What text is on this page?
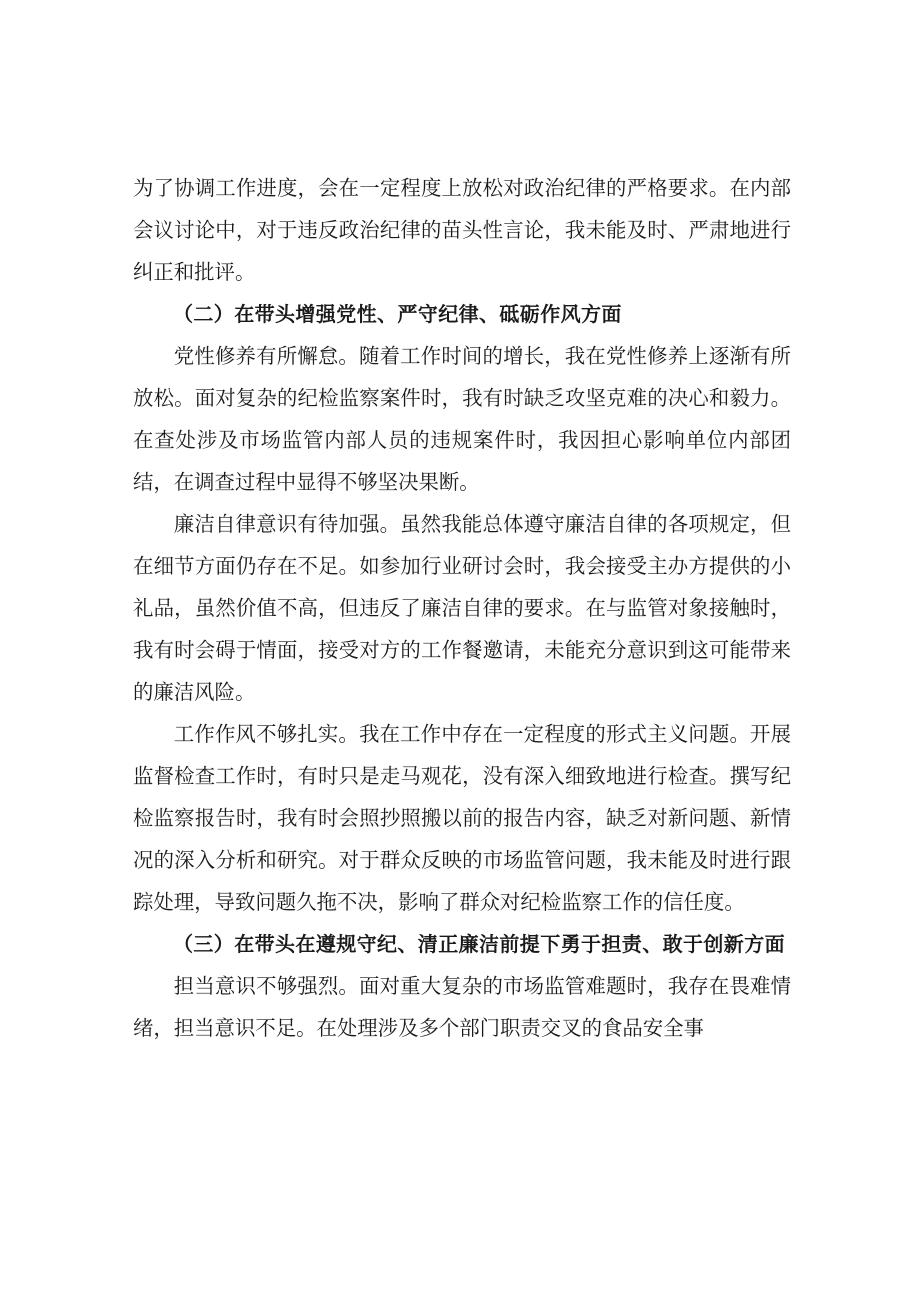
为了协调工作进度，会在一定程度上放松对政治纪律的严格要求。在内部会议讨论中，对于违反政治纪律的苗头性言论，我未能及时、严肃地进行纠正和批评。

（二）在带头增强党性、严守纪律、砥砺作风方面

党性修养有所懈怠。随着工作时间的增长，我在党性修养上逐渐有所放松。面对复杂的纪检监察案件时，我有时缺乏攻坚克难的决心和毅力。在查处涉及市场监管内部人员的违规案件时，我因担心影响单位内部团结，在调查过程中显得不够坚决果断。

廉洁自律意识有待加强。虽然我能总体遵守廉洁自律的各项规定，但在细节方面仍存在不足。如参加行业研讨会时，我会接受主办方提供的小礼品，虽然价值不高，但违反了廉洁自律的要求。在与监管对象接触时，我有时会碍于情面，接受对方的工作餐邀请，未能充分意识到这可能带来的廉洁风险。

工作作风不够扎实。我在工作中存在一定程度的形式主义问题。开展监督检查工作时，有时只是走马观花，没有深入细致地进行检查。撰写纪检监察报告时，我有时会照抄照搬以前的报告内容，缺乏对新问题、新情况的深入分析和研究。对于群众反映的市场监管问题，我未能及时进行跟踪处理，导致问题久拖不决，影响了群众对纪检监察工作的信任度。

（三）在带头在遵规守纪、清正廉洁前提下勇于担责、敢于创新方面

担当意识不够强烈。面对重大复杂的市场监管难题时，我存在畏难情绪，担当意识不足。在处理涉及多个部门职责交叉的食品安全事
